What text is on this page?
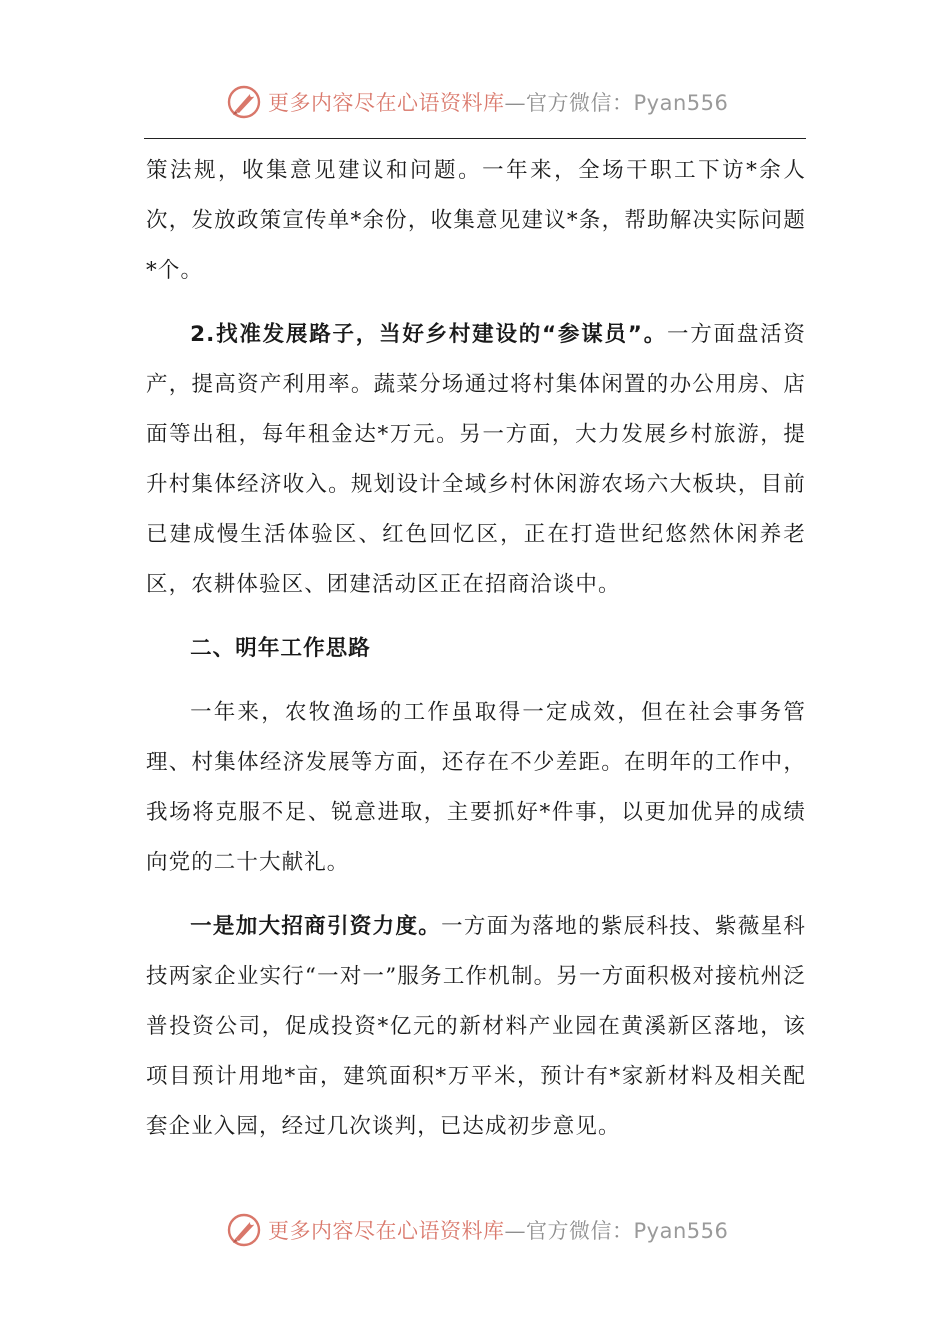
更多内容尽在心语资料库—官方微信：Pyan556

策法规，收集意见建议和问题。一年来，全场干职工下访*余人次，发放政策宣传单*余份，收集意见建议*条，帮助解决实际问题*个。

2.找准发展路子，当好乡村建设的“参谋员”。一方面盘活资产，提高资产利用率。蔬菜分场通过将村集体闲置的办公用房、店面等出租，每年租金达*万元。另一方面，大力发展乡村旅游，提升村集体经济收入。规划设计全域乡村休闲游农场六大板块，目前已建成慢生活体验区、红色回忆区，正在打造世纪悠然休闲养老区，农耕体验区、团建活动区正在招商洽谈中。

二、明年工作思路

一年来，农牧渔场的工作虽取得一定成效，但在社会事务管理、村集体经济发展等方面，还存在不少差距。在明年的工作中，我场将克服不足、锐意进取，主要抓好*件事，以更加优异的成绩向党的二十大献礼。

一是加大招商引资力度。一方面为落地的紫辰科技、紫薇星科技两家企业实行“一对一”服务工作机制。另一方面积极对接杭州泛普投资公司，促成投资*亿元的新材料产业园在黄溪新区落地，该项目预计用地*亩，建筑面积*万平米，预计有*家新材料及相关配套企业入园，经过几次谈判，已达成初步意见。

更多内容尽在心语资料库—官方微信：Pyan556
